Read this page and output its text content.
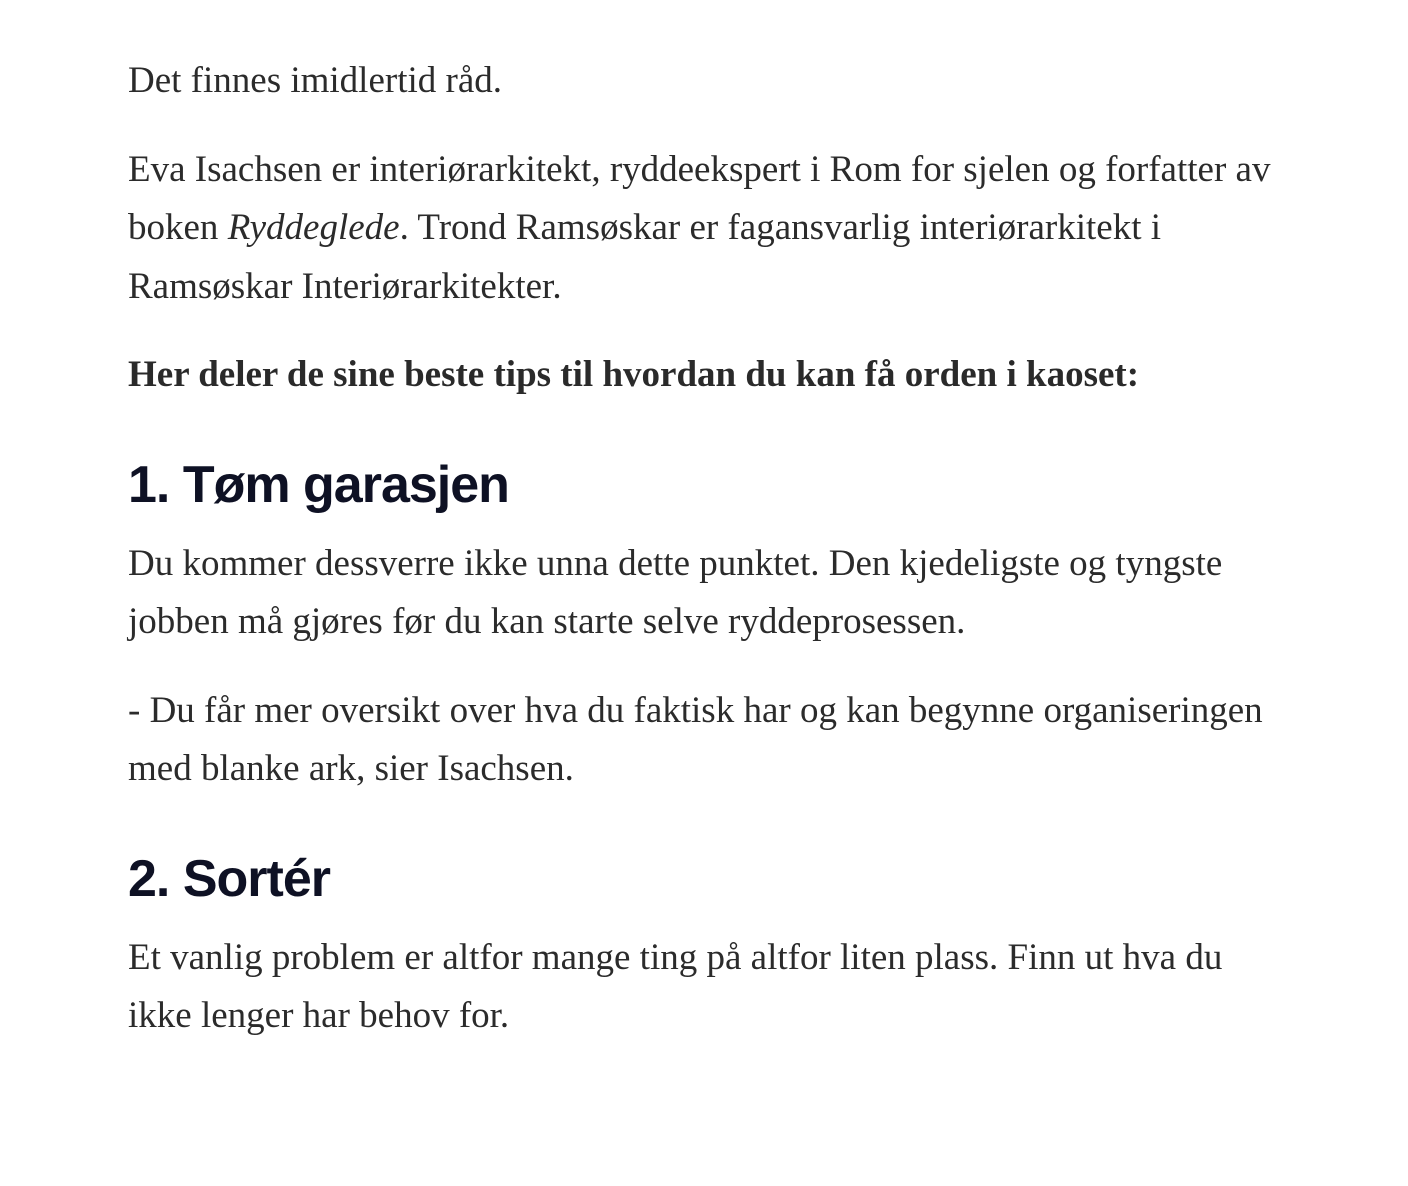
Det finnes imidlertid råd.

Eva Isachsen er interiørarkitekt, ryddeekspert i Rom for sjelen og forfatter av boken Ryddeglede. Trond Ramsøskar er fagansvarlig interiørarkitekt i Ramsøskar Interiørarkitekter.

Her deler de sine beste tips til hvordan du kan få orden i kaoset:

1. Tøm garasjen

Du kommer dessverre ikke unna dette punktet. Den kjedeligste og tyngste jobben må gjøres før du kan starte selve ryddeprosessen.

- Du får mer oversikt over hva du faktisk har og kan begynne organiseringen med blanke ark, sier Isachsen.

2. Sortér

Et vanlig problem er altfor mange ting på altfor liten plass. Finn ut hva du ikke lenger har behov for.
